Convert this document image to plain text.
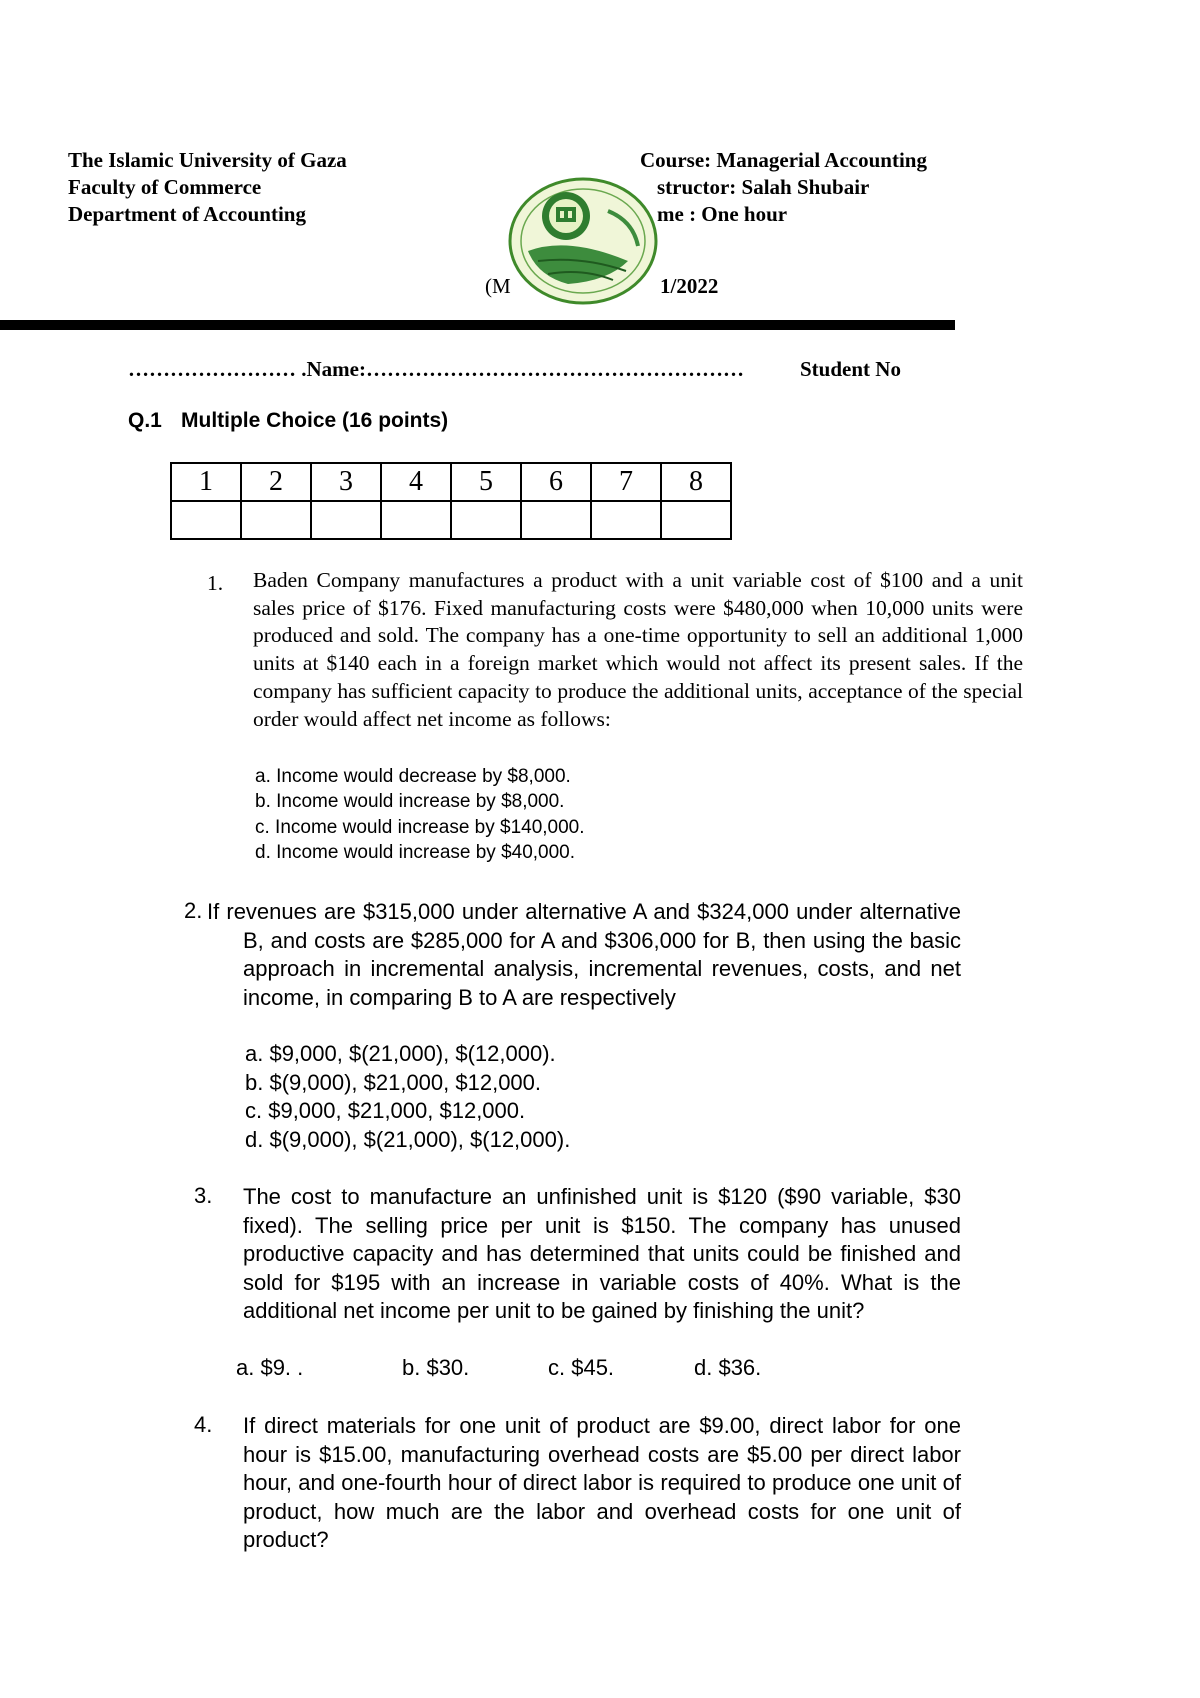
The Islamic University of Gaza
Faculty of Commerce
Department of Accounting
Course: Managerial Accounting
structor: Salah Shubair
me : One hour
(M	1/2022
…………………… .Name:………………………………………………	Student No
Q.1 Multiple Choice (16 points)
1	2	3	4	5	6	7	8

1. Baden Company manufactures a product with a unit variable cost of $100 and a unit sales price of $176. Fixed manufacturing costs were $480,000 when 10,000 units were produced and sold. The company has a one-time opportunity to sell an additional 1,000 units at $140 each in a foreign market which would not affect its present sales. If the company has sufficient capacity to produce the additional units, acceptance of the special order would affect net income as follows:
a. Income would decrease by $8,000.
b. Income would increase by $8,000.
c. Income would increase by $140,000.
d. Income would increase by $40,000.
2. If revenues are $315,000 under alternative A and $324,000 under alternative B, and costs are $285,000 for A and $306,000 for B, then using the basic approach in incremental analysis, incremental revenues, costs, and net income, in comparing B to A are respectively
a. $9,000, $(21,000), $(12,000).
b. $(9,000), $21,000, $12,000.
c. $9,000, $21,000, $12,000.
d. $(9,000), $(21,000), $(12,000).
3. The cost to manufacture an unfinished unit is $120 ($90 variable, $30 fixed). The selling price per unit is $150. The company has unused productive capacity and has determined that units could be finished and sold for $195 with an increase in variable costs of 40%. What is the additional net income per unit to be gained by finishing the unit?
a. $9. .	b. $30.	c. $45.	d. $36.
4. If direct materials for one unit of product are $9.00, direct labor for one hour is $15.00, manufacturing overhead costs are $5.00 per direct labor hour, and one-fourth hour of direct labor is required to produce one unit of product, how much are the labor and overhead costs for one unit of product?
